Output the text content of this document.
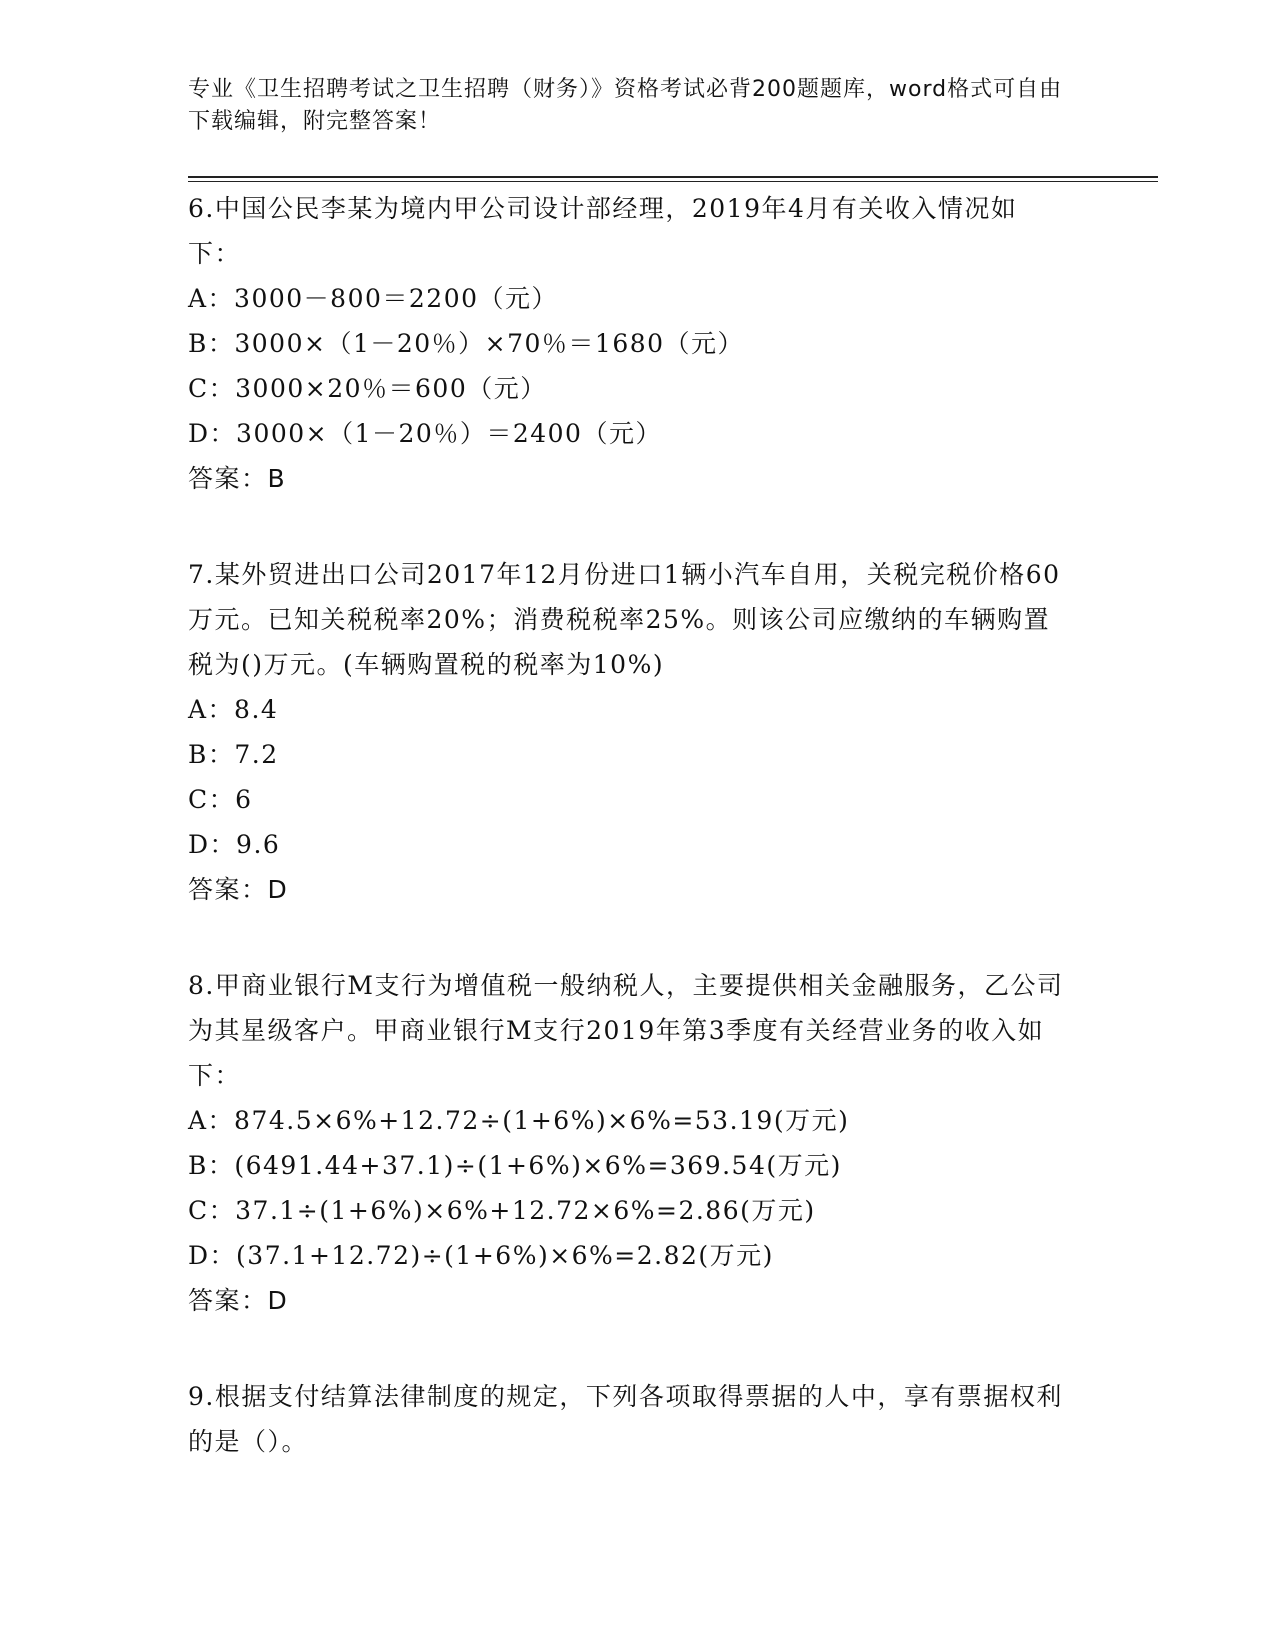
专业《卫生招聘考试之卫生招聘（财务）》资格考试必背200题题库，word格式可自由下载编辑，附完整答案！

6.中国公民李某为境内甲公司设计部经理，2019年4月有关收入情况如下：

A：3000－800＝2200（元）

B：3000×（1－20％）×70％＝1680（元）

C：3000×20％＝600（元）

D：3000×（1－20％）＝2400（元）

答案：B

7.某外贸进出口公司2017年12月份进口1辆小汽车自用，关税完税价格60万元。已知关税税率20%；消费税税率25%。则该公司应缴纳的车辆购置税为()万元。(车辆购置税的税率为10%)

A：8.4

B：7.2

C：6

D：9.6

答案：D

8.甲商业银行M支行为增值税一般纳税人，主要提供相关金融服务，乙公司为其星级客户。甲商业银行M支行2019年第3季度有关经营业务的收入如下：

A：874.5×6%+12.72÷(1+6%)×6%=53.19(万元)

B：(6491.44+37.1)÷(1+6%)×6%=369.54(万元)

C：37.1÷(1+6%)×6%+12.72×6%=2.86(万元)

D：(37.1+12.72)÷(1+6%)×6%=2.82(万元)

答案：D

9.根据支付结算法律制度的规定，下列各项取得票据的人中，享有票据权利的是（）。
